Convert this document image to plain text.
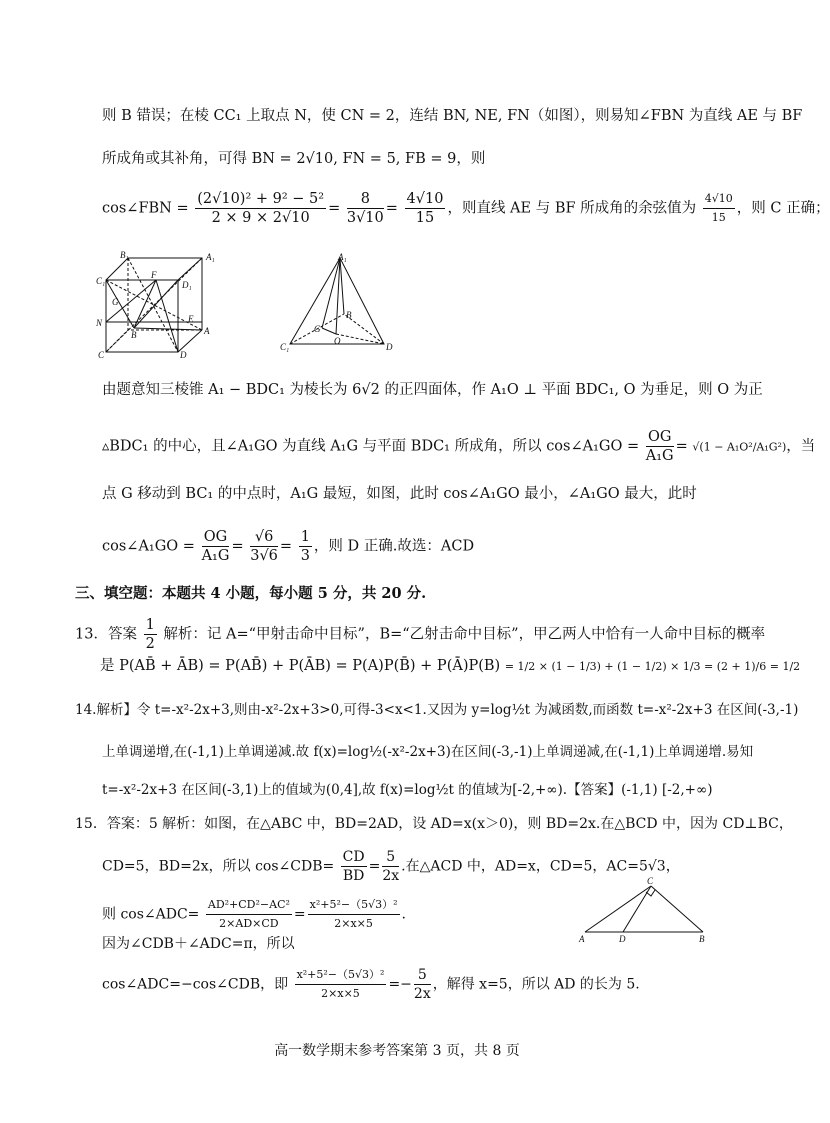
则 B 错误；在棱 CC₁ 上取点 N，使 CN = 2，连结 BN, NE, FN（如图），则易知∠FBN 为直线 AE 与 BF
所成角或其补角，可得 BN = 2√10, FN = 5, FB = 9，则
cos∠FBN = $\frac{\text{(2√10)² + 9² − 5²}}{2 \times 9 \times 2√10} = \frac{8}{3√10} = \frac{4√10}{15}$ ，则直线 AE 与 BF 所成角的余弦值为 $\frac{4√10}{15}$ ，则 C 正确；
B₁	A₁
C₁	D₁
F
G
E
N
B	A
C	D
A₁
B
G
O
C₁	D
由题意知三棱锥 A₁ − BDC₁ 为棱长为 6√2 的正四面体，作 A₁O ⊥ 平面 BDC₁, O 为垂足，则 O 为正
▵BDC₁ 的中心，且∠A₁GO 为直线 A₁G 与平面 BDC₁ 所成角，所以 cos∠A₁GO = $\frac{OG}{\text{A₁G}} = √(1 - A_1O^2/A_1G^2)$，当
点 G 移动到 BC₁ 的中点时，A₁G 最短，如图，此时 cos∠A₁GO 最小，∠A₁GO 最大，此时
cos∠A₁GO = $\frac{OG}{\text{A₁G}} = \frac{√6}{3√6} = \frac{1}{3}$ ，则 D 正确.故选：ACD
三、填空题：本题共 4 小题，每小题 5 分，共 20 分.
13．答案 $\frac{1}{2}$ 解析：记 A=“甲射击命中目标”，B=“乙射击命中目标”，甲乙两人中恰有一人命中目标的概率
是 P(AB̄ + ĀB) = P(AB̄) + P(ĀB) = P(A)P(B̄) + P(Ā)P(B) = 1/2 × (1 − 1/3) + (1 − 1/2) × 1/3 = (2 + 1)/6 = 1/2
14.解析】令 t=-x²-2x+3,则由-x²-2x+3>0,可得-3<x<1.又因为 y=log½t 为减函数,而函数 t=-x²-2x+3 在区间(-3,-1)
上单调递增,在(-1,1)上单调递减.故 f(x)=log½(-x²-2x+3)在区间(-3,-1)上单调递减,在(-1,1)上单调递增.易知
t=-x²-2x+3 在区间(-3,1)上的值域为(0,4],故 f(x)=log½t 的值域为[-2,+∞).【答案】(-1,1) [-2,+∞)
15．答案：5 解析：如图，在△ABC 中，BD=2AD，设 AD=x(x＞0)，则 BD=2x.在△BCD 中，因为 CD⊥BC，
CD=5，BD=2x，所以 cos∠CDB= $\frac{CD}{BD} = \frac{5}{2x}$ .在△ACD 中，AD=x，CD=5，AC=5√3，
则 cos∠ADC= $\frac{\text{AD²+CD²−AC²}}{2\times AD\times CD} = \frac{\text{x²+5²−（5√3）²}}{2\times x\times 5}$ .
因为∠CDB＋∠ADC=π，所以
cos∠ADC=−cos∠CDB，即 $\frac{\text{x²+5²−（5√3）²}}{2\times x\times 5} =- \frac{5}{2x}$ ，解得 x=5，所以 AD 的长为 5.
C
A	D	B
高一数学期末参考答案第 3 页，共 8 页
